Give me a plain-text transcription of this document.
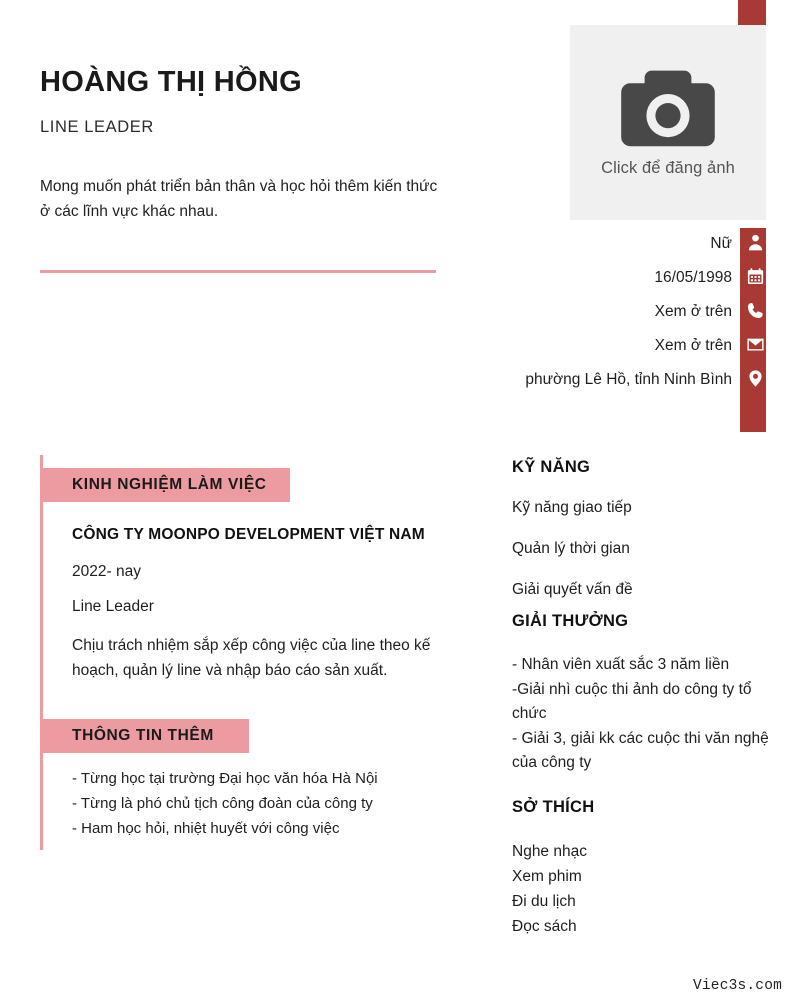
Click để đăng ảnh
HOÀNG THỊ HỒNG
LINE LEADER
Mong muốn phát triển bản thân và học hỏi thêm kiến thức ở các lĩnh vực khác nhau.
Nữ
16/05/1998
Xem ở trên
Xem ở trên
phường Lê Hồ, tỉnh Ninh Bình
KINH NGHIỆM LÀM VIỆC
CÔNG TY MOONPO DEVELOPMENT VIỆT NAM
2022- nay
Line Leader
Chịu trách nhiệm sắp xếp công việc của line theo kế hoạch, quản lý line và nhập báo cáo sản xuất.
THÔNG TIN THÊM
- Từng học tại trường Đại học văn hóa Hà Nội
- Từng là phó chủ tịch công đoàn của công ty
- Ham học hỏi, nhiệt huyết với công việc
KỸ NĂNG
Kỹ năng giao tiếp
Quản lý thời gian
Giải quyết vấn đề
GIẢI THƯỞNG
- Nhân viên xuất sắc 3 năm liền
-Giải nhì cuộc thi ảnh do công ty tổ chức
- Giải 3, giải kk các cuộc thi văn nghệ của công ty
SỞ THÍCH
Nghe nhạc
Xem phim
Đi du lịch
Đọc sách
Viec3s.com
